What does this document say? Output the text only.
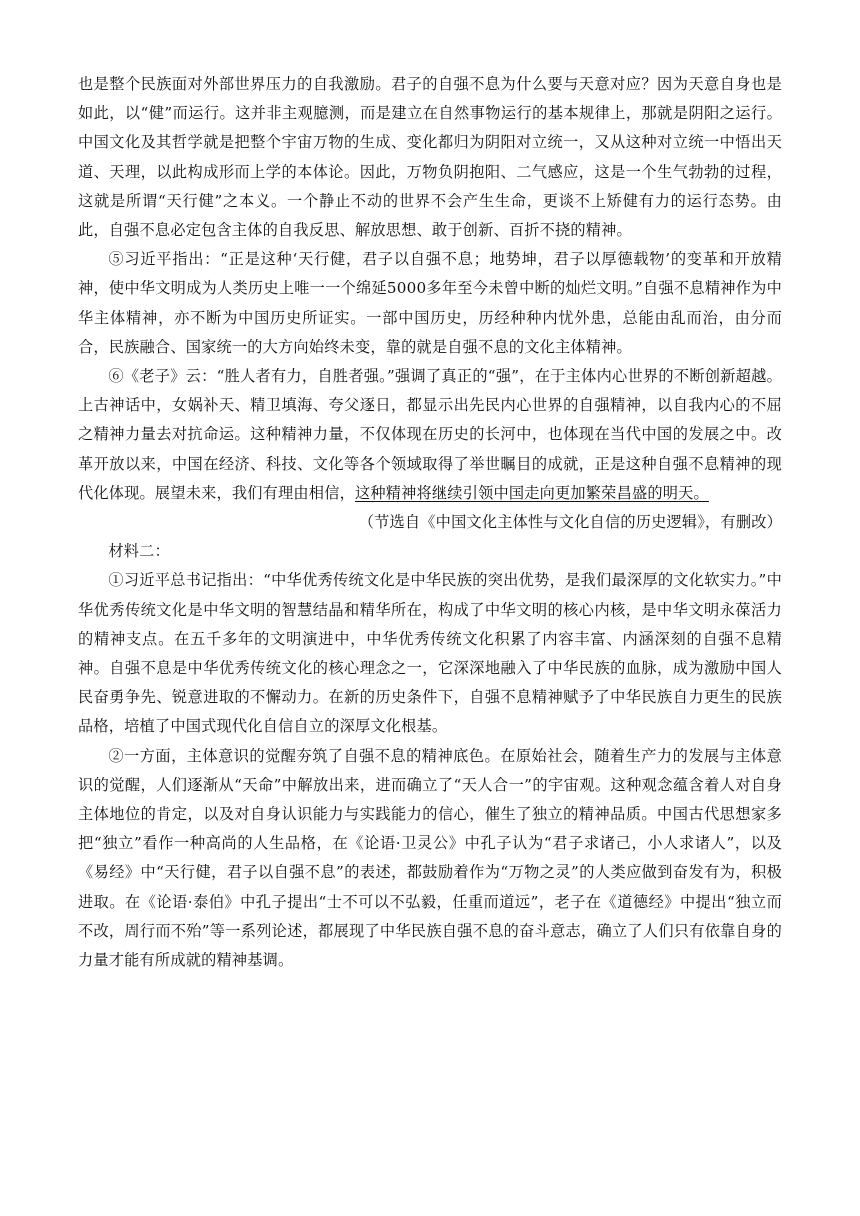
也是整个民族面对外部世界压力的自我激励。君子的自强不息为什么要与天意对应？因为天意自身也是如此，以“健”而运行。这并非主观臆测，而是建立在自然事物运行的基本规律上，那就是阴阳之运行。中国文化及其哲学就是把整个宇宙万物的生成、变化都归为阴阳对立统一，又从这种对立统一中悟出天道、天理，以此构成形而上学的本体论。因此，万物负阴抱阳、二气感应，这是一个生气勃勃的过程，这就是所谓“天行健”之本义。一个静止不动的世界不会产生生命，更谈不上矫健有力的运行态势。由此，自强不息必定包含主体的自我反思、解放思想、敢于创新、百折不挠的精神。

⑤习近平指出：“正是这种‘天行健，君子以自强不息；地势坤，君子以厚德载物’的变革和开放精神，使中华文明成为人类历史上唯一一个绵延5000多年至今未曾中断的灿烂文明。”自强不息精神作为中华主体精神，亦不断为中国历史所证实。一部中国历史，历经种种内忧外患，总能由乱而治，由分而合，民族融合、国家统一的大方向始终未变，靠的就是自强不息的文化主体精神。

⑥《老子》云：“胜人者有力，自胜者强。”强调了真正的“强”，在于主体内心世界的不断创新超越。上古神话中，女娲补天、精卫填海、夸父逐日，都显示出先民内心世界的自强精神，以自我内心的不屈之精神力量去对抗命运。这种精神力量，不仅体现在历史的长河中，也体现在当代中国的发展之中。改革开放以来，中国在经济、科技、文化等各个领域取得了举世瞩目的成就，正是这种自强不息精神的现代化体现。展望未来，我们有理由相信，这种精神将继续引领中国走向更加繁荣昌盛的明天。

（节选自《中国文化主体性与文化自信的历史逻辑》，有删改）

材料二：

①习近平总书记指出：“中华优秀传统文化是中华民族的突出优势，是我们最深厚的文化软实力。”中华优秀传统文化是中华文明的智慧结晶和精华所在，构成了中华文明的核心内核，是中华文明永葆活力的精神支点。在五千多年的文明演进中，中华优秀传统文化积累了内容丰富、内涵深刻的自强不息精神。自强不息是中华优秀传统文化的核心理念之一，它深深地融入了中华民族的血脉，成为激励中国人民奋勇争先、锐意进取的不懈动力。在新的历史条件下，自强不息精神赋予了中华民族自力更生的民族品格，培植了中国式现代化自信自立的深厚文化根基。

②一方面，主体意识的觉醒夯筑了自强不息的精神底色。在原始社会，随着生产力的发展与主体意识的觉醒，人们逐渐从“天命”中解放出来，进而确立了“天人合一”的宇宙观。这种观念蕴含着人对自身主体地位的肯定，以及对自身认识能力与实践能力的信心，催生了独立的精神品质。中国古代思想家多把“独立”看作一种高尚的人生品格，在《论语·卫灵公》中孔子认为“君子求诸己，小人求诸人”，以及《易经》中“天行健，君子以自强不息”的表述，都鼓励着作为“万物之灵”的人类应做到奋发有为，积极进取。在《论语·泰伯》中孔子提出“士不可以不弘毅，任重而道远”，老子在《道德经》中提出“独立而不改，周行而不殆”等一系列论述，都展现了中华民族自强不息的奋斗意志，确立了人们只有依靠自身的力量才能有所成就的精神基调。
